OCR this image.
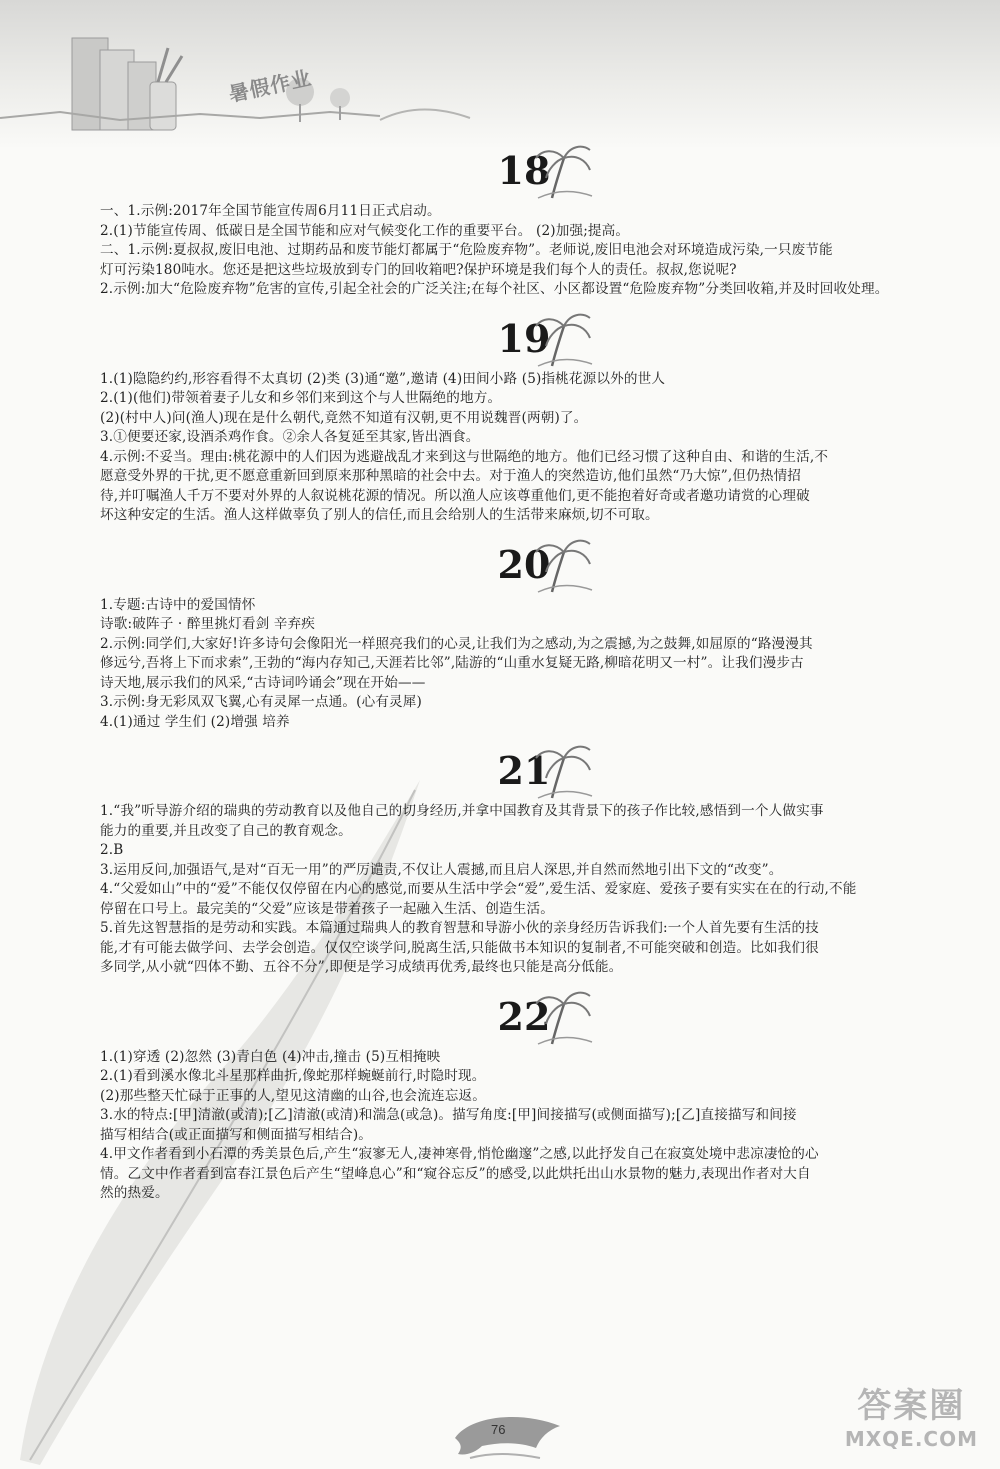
暑假作业
18
一、1.示例:2017年全国节能宣传周6月11日正式启动。
2.(1)节能宣传周、低碳日是全国节能和应对气候变化工作的重要平台。 (2)加强;提高。
二、1.示例:夏叔叔,废旧电池、过期药品和废节能灯都属于“危险废弃物”。老师说,废旧电池会对环境造成污染,一只废节能
灯可污染180吨水。您还是把这些垃圾放到专门的回收箱吧?保护环境是我们每个人的责任。叔叔,您说呢?
2.示例:加大“危险废弃物”危害的宣传,引起全社会的广泛关注;在每个社区、小区都设置“危险废弃物”分类回收箱,并及时回收处理。
19
1.(1)隐隐约约,形容看得不太真切 (2)类 (3)通“邀”,邀请 (4)田间小路 (5)指桃花源以外的世人
2.(1)(他们)带领着妻子儿女和乡邻们来到这个与人世隔绝的地方。
(2)(村中人)问(渔人)现在是什么朝代,竟然不知道有汉朝,更不用说魏晋(两朝)了。
3.①便要还家,设酒杀鸡作食。②余人各复延至其家,皆出酒食。
4.示例:不妥当。理由:桃花源中的人们因为逃避战乱才来到这与世隔绝的地方。他们已经习惯了这种自由、和谐的生活,不
愿意受外界的干扰,更不愿意重新回到原来那种黑暗的社会中去。对于渔人的突然造访,他们虽然“乃大惊”,但仍热情招
待,并叮嘱渔人千万不要对外界的人叙说桃花源的情况。所以渔人应该尊重他们,更不能抱着好奇或者邀功请赏的心理破
坏这种安定的生活。渔人这样做辜负了别人的信任,而且会给别人的生活带来麻烦,切不可取。
20
1.专题:古诗中的爱国情怀
诗歌:破阵子 · 醉里挑灯看剑 辛弃疾
2.示例:同学们,大家好!许多诗句会像阳光一样照亮我们的心灵,让我们为之感动,为之震撼,为之鼓舞,如屈原的“路漫漫其
修远兮,吾将上下而求索”,王勃的“海内存知己,天涯若比邻”,陆游的“山重水复疑无路,柳暗花明又一村”。让我们漫步古
诗天地,展示我们的风采,“古诗词吟诵会”现在开始——
3.示例:身无彩凤双飞翼,心有灵犀一点通。(心有灵犀)
4.(1)通过 学生们 (2)增强 培养
21
1.“我”听导游介绍的瑞典的劳动教育以及他自己的切身经历,并拿中国教育及其背景下的孩子作比较,感悟到一个人做实事
能力的重要,并且改变了自己的教育观念。
2.B
3.运用反问,加强语气,是对“百无一用”的严厉谴责,不仅让人震撼,而且启人深思,并自然而然地引出下文的“改变”。
4.“父爱如山”中的“爱”不能仅仅停留在内心的感觉,而要从生活中学会“爱”,爱生活、爱家庭、爱孩子要有实实在在的行动,不能
停留在口号上。最完美的“父爱”应该是带着孩子一起融入生活、创造生活。
5.首先这智慧指的是劳动和实践。本篇通过瑞典人的教育智慧和导游小伙的亲身经历告诉我们:一个人首先要有生活的技
能,才有可能去做学问、去学会创造。仅仅空谈学问,脱离生活,只能做书本知识的复制者,不可能突破和创造。比如我们很
多同学,从小就“四体不勤、五谷不分”,即便是学习成绩再优秀,最终也只能是高分低能。
22
1.(1)穿透 (2)忽然 (3)青白色 (4)冲击,撞击 (5)互相掩映
2.(1)看到溪水像北斗星那样曲折,像蛇那样蜿蜒前行,时隐时现。
(2)那些整天忙碌于正事的人,望见这清幽的山谷,也会流连忘返。
3.水的特点:[甲]清澈(或清);[乙]清澈(或清)和湍急(或急)。描写角度:[甲]间接描写(或侧面描写);[乙]直接描写和间接
描写相结合(或正面描写和侧面描写相结合)。
4.甲文作者看到小石潭的秀美景色后,产生“寂寥无人,凄神寒骨,悄怆幽邃”之感,以此抒发自己在寂寞处境中悲凉凄怆的心
情。乙文中作者看到富春江景色后产生“望峰息心”和“窥谷忘反”的感受,以此烘托出山水景物的魅力,表现出作者对大自
然的热爱。
76
答案圈
MXQE.COM
